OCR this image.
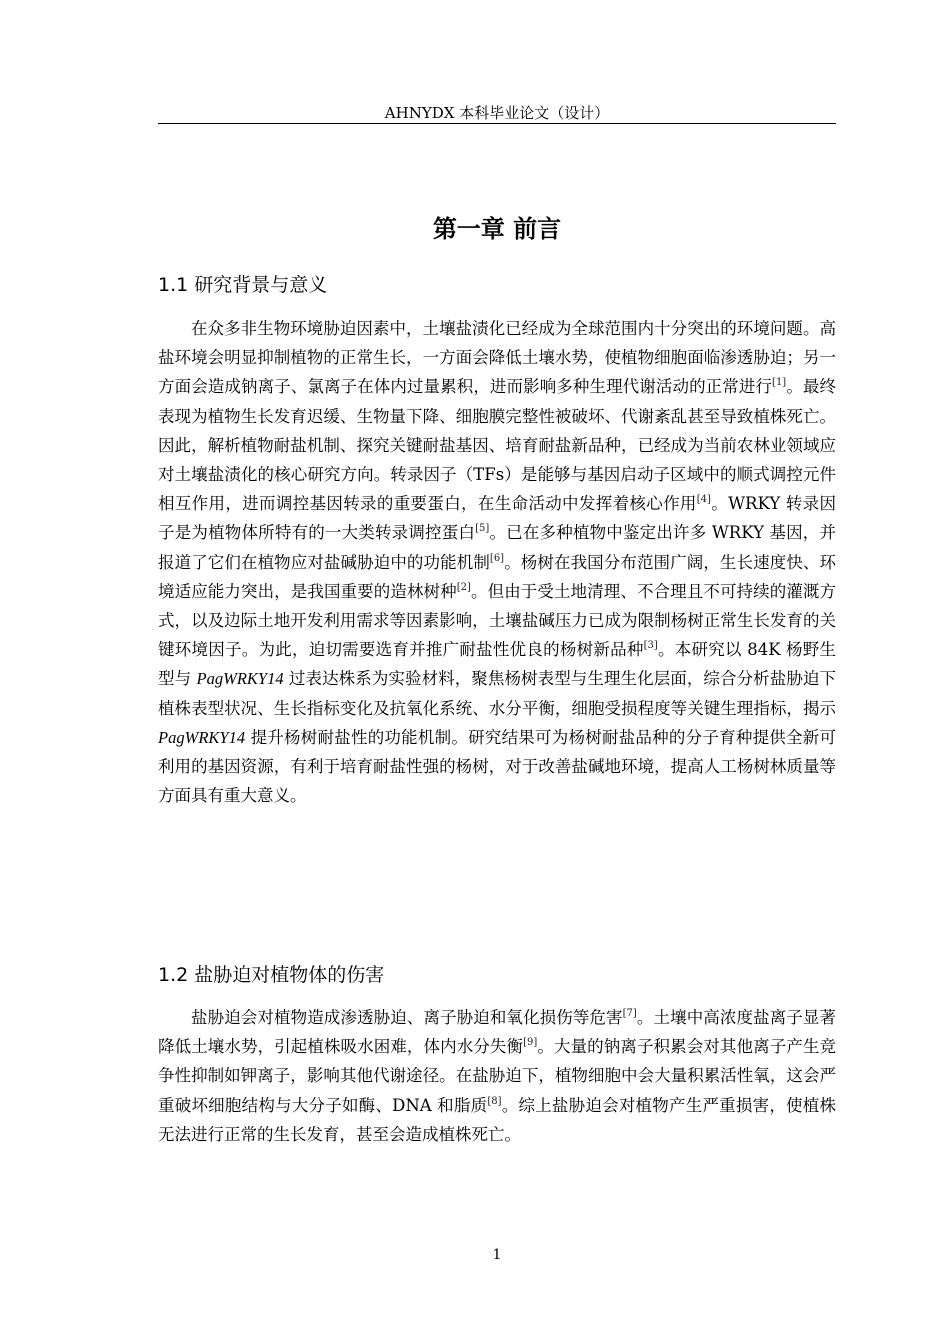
AHNYDX 本科毕业论文（设计）
第一章 前言
1.1 研究背景与意义

在众多非生物环境胁迫因素中，土壤盐渍化已经成为全球范围内十分突出的环境问题。高盐环境会明显抑制植物的正常生长，一方面会降低土壤水势，使植物细胞面临渗透胁迫；另一方面会造成钠离子、氯离子在体内过量累积，进而影响多种生理代谢活动的正常进行[1]。最终表现为植物生长发育迟缓、生物量下降、细胞膜完整性被破坏、代谢紊乱甚至导致植株死亡。因此，解析植物耐盐机制、探究关键耐盐基因、培育耐盐新品种，已经成为当前农林业领域应对土壤盐渍化的核心研究方向。转录因子（TFs）是能够与基因启动子区域中的顺式调控元件相互作用，进而调控基因转录的重要蛋白，在生命活动中发挥着核心作用[4]。WRKY 转录因子是为植物体所特有的一大类转录调控蛋白[5]。已在多种植物中鉴定出许多 WRKY 基因，并报道了它们在植物应对盐碱胁迫中的功能机制[6]。杨树在我国分布范围广阔，生长速度快、环境适应能力突出，是我国重要的造林树种[2]。但由于受土地清理、不合理且不可持续的灌溉方式，以及边际土地开发利用需求等因素影响，土壤盐碱压力已成为限制杨树正常生长发育的关键环境因子。为此，迫切需要选育并推广耐盐性优良的杨树新品种[3]。本研究以 84K 杨野生型与 PagWRKY14 过表达株系为实验材料，聚焦杨树表型与生理生化层面，综合分析盐胁迫下植株表型状况、生长指标变化及抗氧化系统、水分平衡，细胞受损程度等关键生理指标，揭示 PagWRKY14 提升杨树耐盐性的功能机制。研究结果可为杨树耐盐品种的分子育种提供全新可利用的基因资源，有利于培育耐盐性强的杨树，对于改善盐碱地环境，提高人工杨树林质量等方面具有重大意义。

1.2 盐胁迫对植物体的伤害

盐胁迫会对植物造成渗透胁迫、离子胁迫和氧化损伤等危害[7]。土壤中高浓度盐离子显著降低土壤水势，引起植株吸水困难，体内水分失衡[9]。大量的钠离子积累会对其他离子产生竞争性抑制如钾离子，影响其他代谢途径。在盐胁迫下，植物细胞中会大量积累活性氧，这会严重破坏细胞结构与大分子如酶、DNA 和脂质[8]。综上盐胁迫会对植物产生严重损害，使植株无法进行正常的生长发育，甚至会造成植株死亡。

1
